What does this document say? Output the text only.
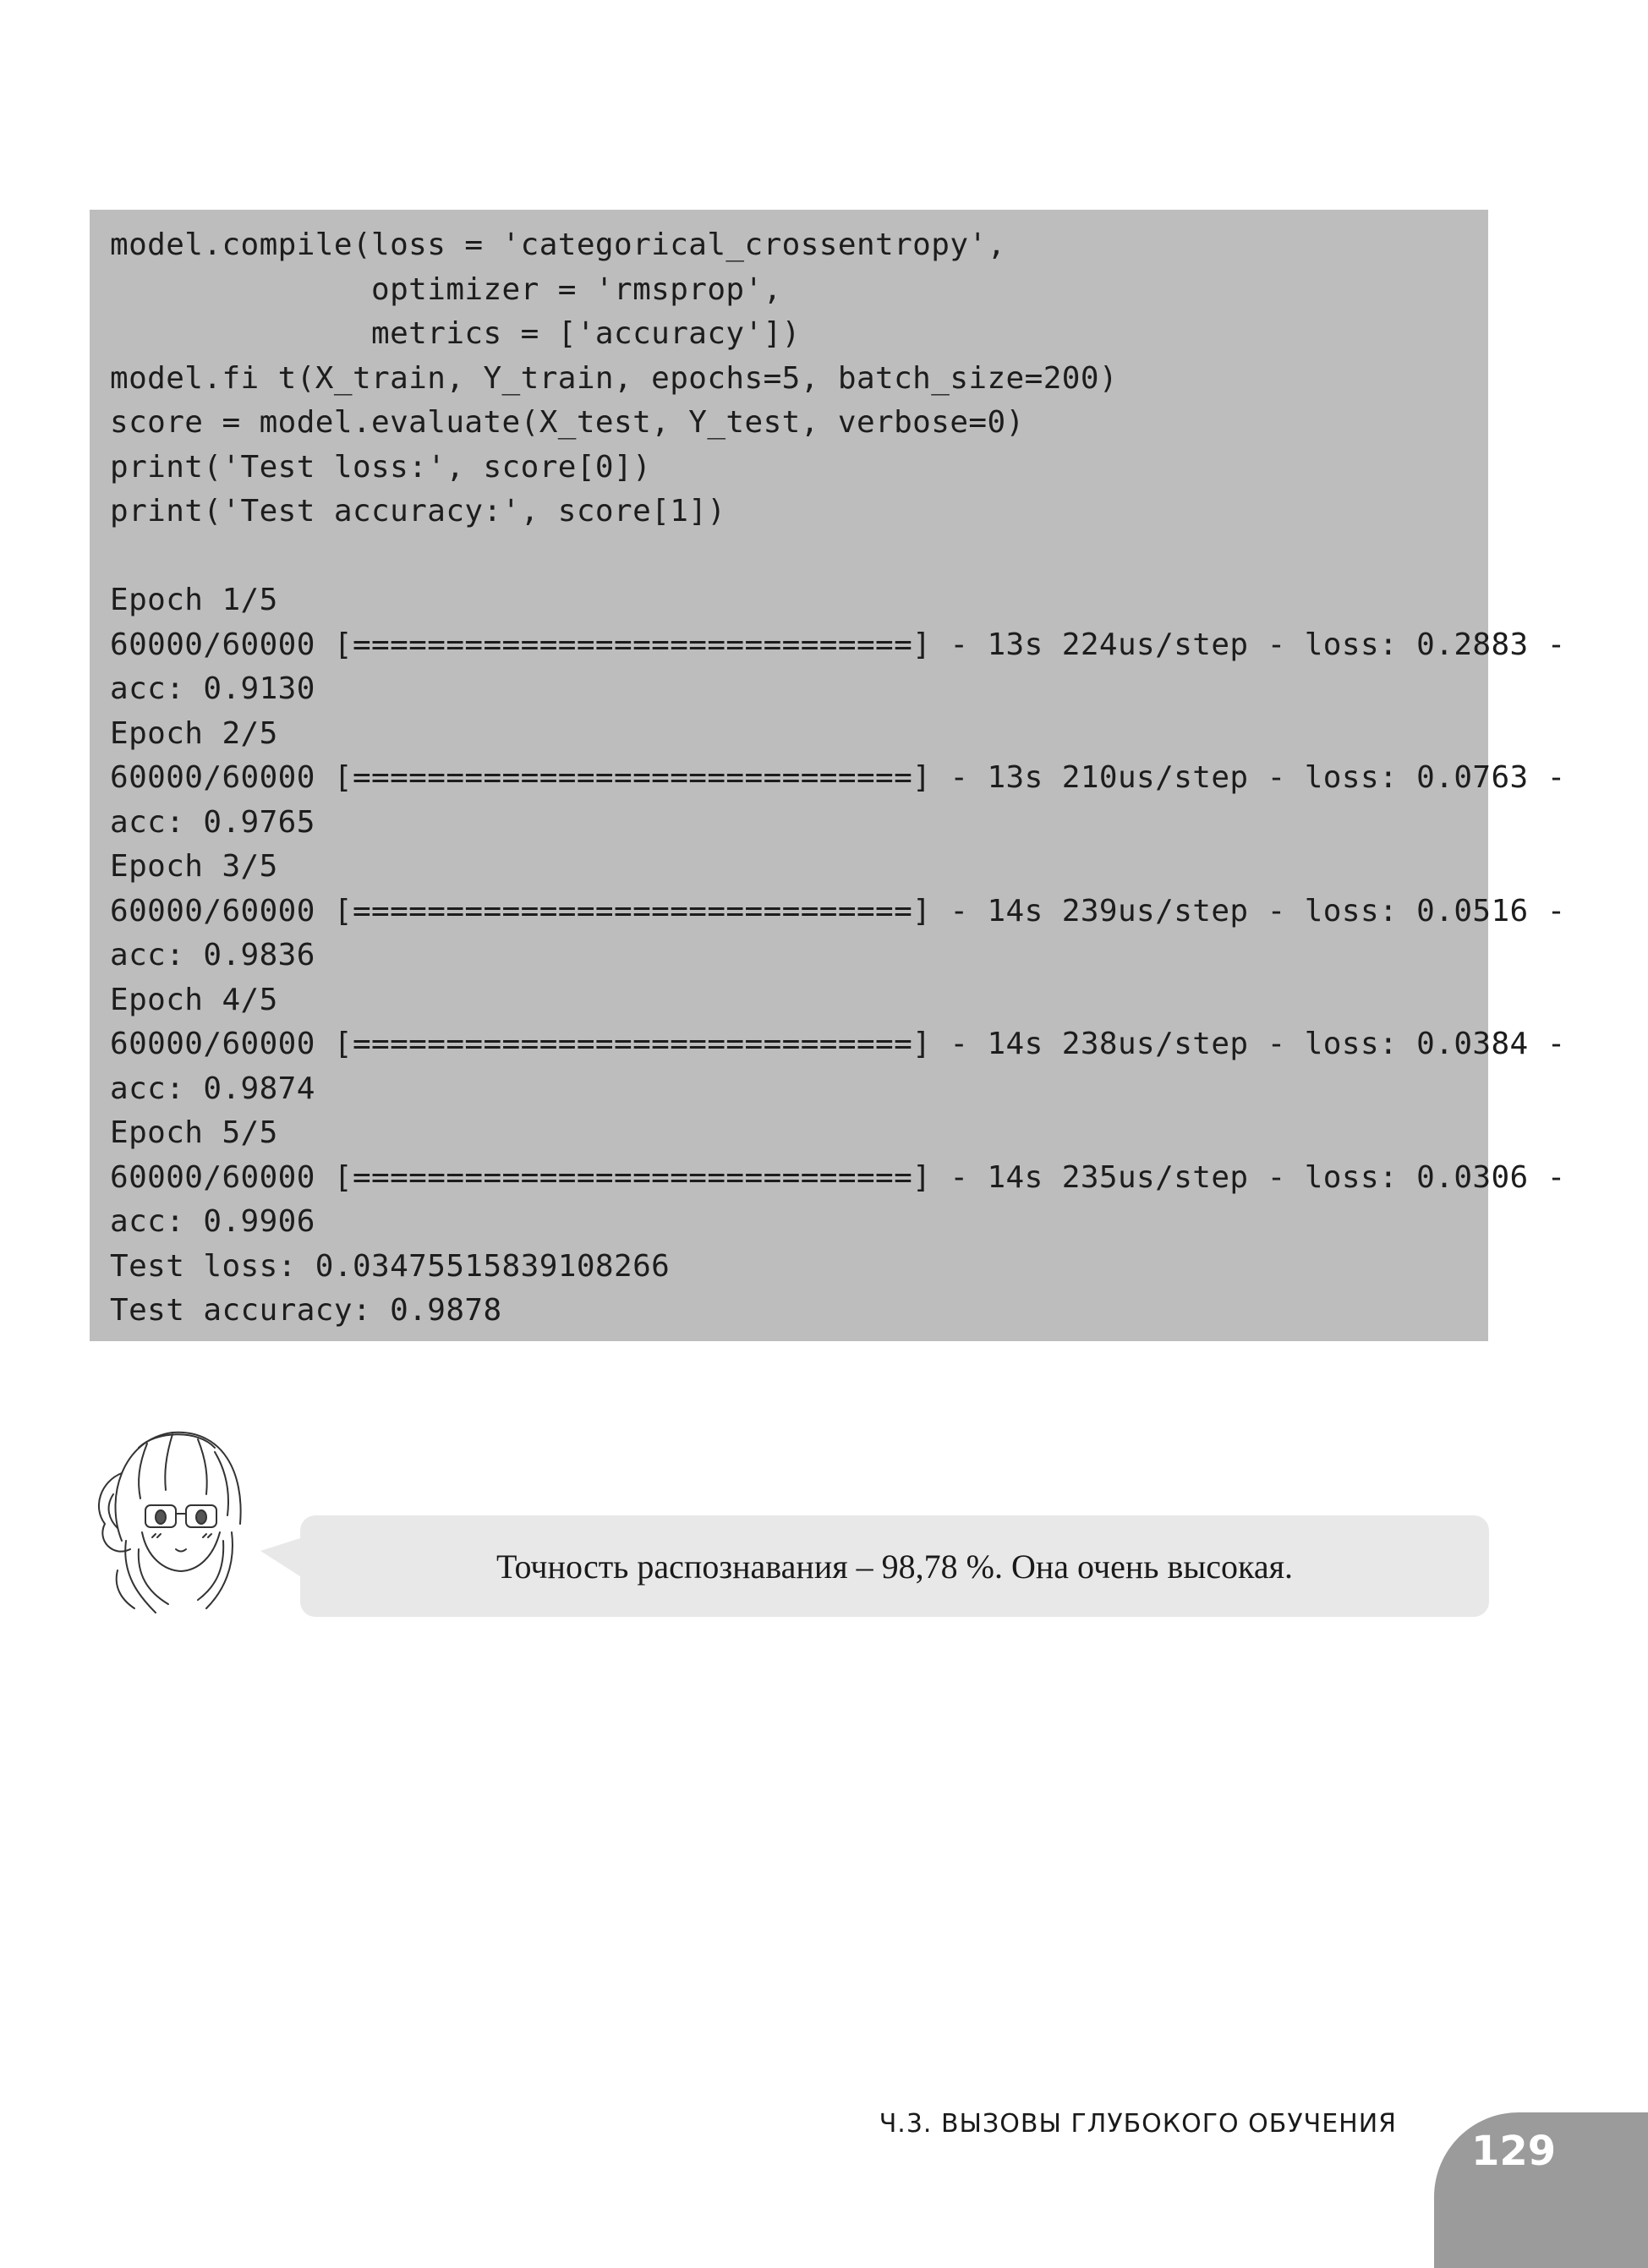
model.compile(loss = 'categorical_crossentropy',
optimizer = 'rmsprop',
metrics = ['accuracy'])
model.fi t(X_train, Y_train, epochs=5, batch_size=200)
score = model.evaluate(X_test, Y_test, verbose=0)
print('Test loss:', score[0])
print('Test accuracy:', score[1])
Epoch 1/5
60000/60000 [==============================] - 13s 224us/step - loss: 0.2883 -
acc: 0.9130
Epoch 2/5
60000/60000 [==============================] - 13s 210us/step - loss: 0.0763 -
acc: 0.9765
Epoch 3/5
60000/60000 [==============================] - 14s 239us/step - loss: 0.0516 -
acc: 0.9836
Epoch 4/5
60000/60000 [==============================] - 14s 238us/step - loss: 0.0384 -
acc: 0.9874
Epoch 5/5
60000/60000 [==============================] - 14s 235us/step - loss: 0.0306 -
acc: 0.9906
Test loss: 0.03475515839108266
Test accuracy: 0.9878
Точность распознавания – 98,78 %. Она очень высокая.
Ч.3. ВЫЗОВЫ ГЛУБОКОГО ОБУЧЕНИЯ
129
